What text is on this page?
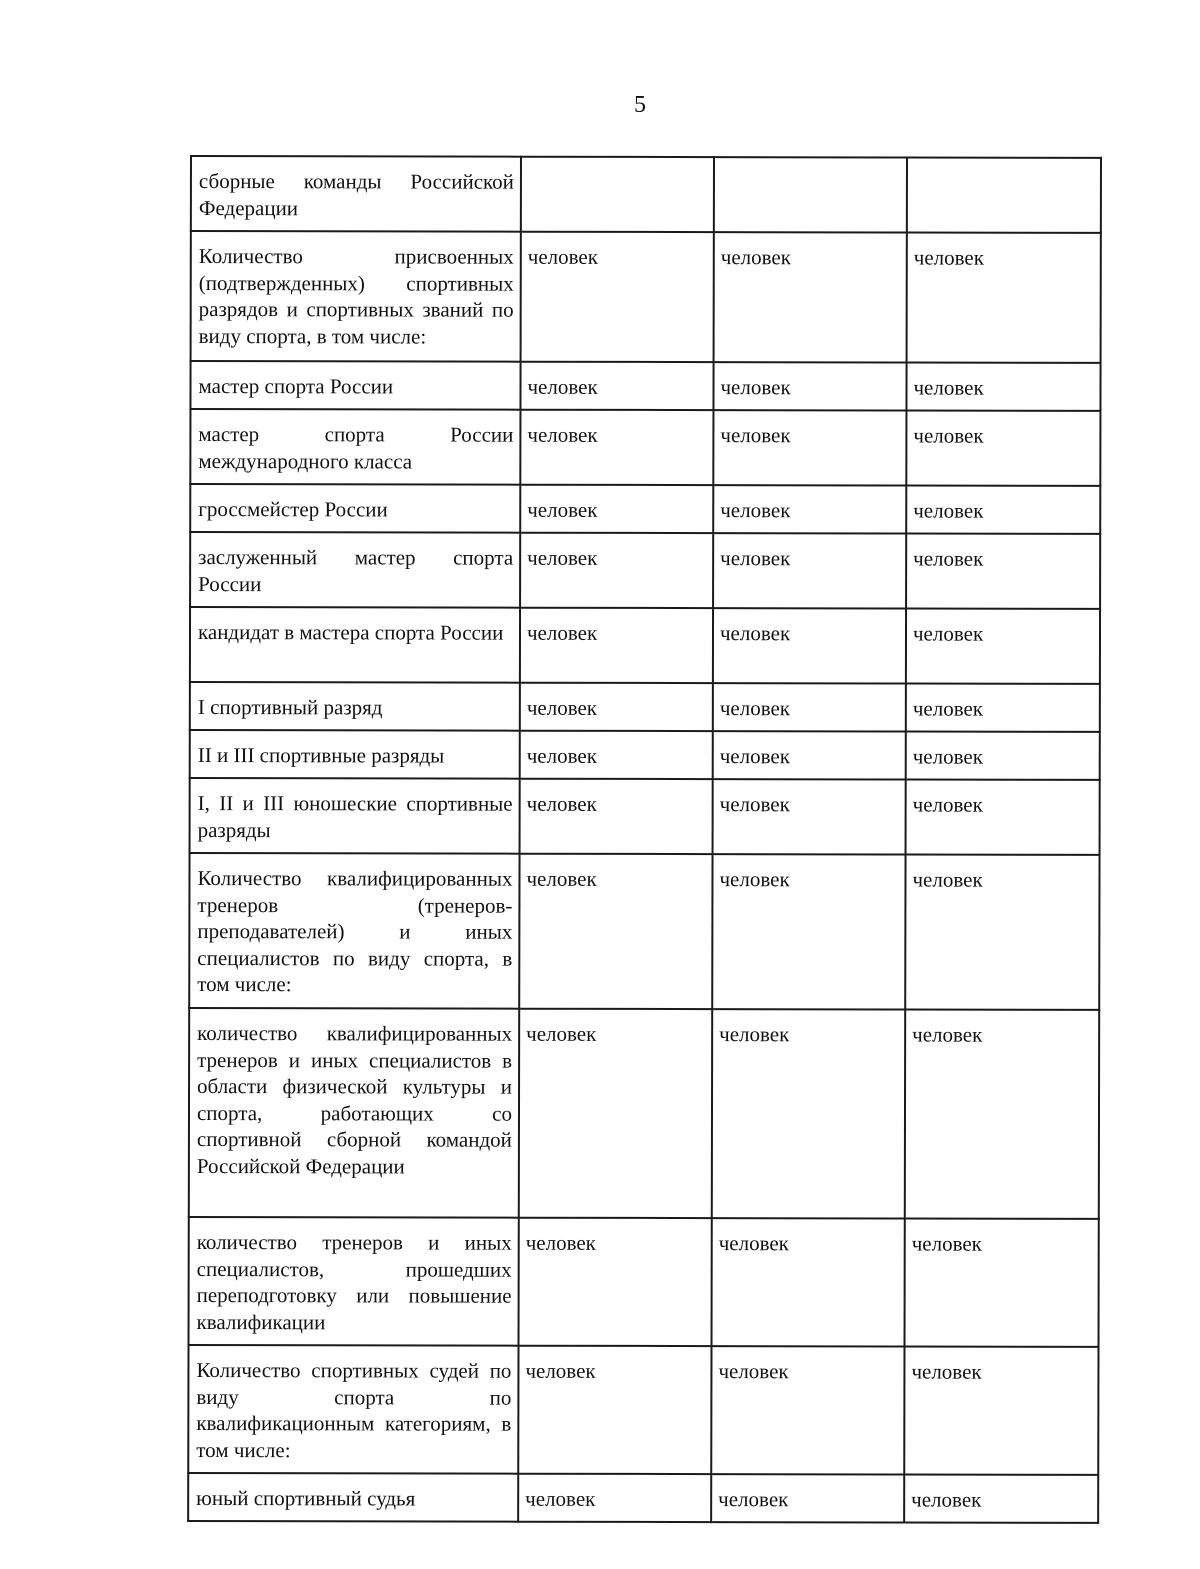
5
сборные команды Российской Федерации			
Количество присвоенных (подтвержденных) спортивных разрядов и спортивных званий по виду спорта, в том числе:	человек	человек	человек
мастер спорта России	человек	человек	человек
мастер спорта России международного класса	человек	человек	человек
гроссмейстер России	человек	человек	человек
заслуженный мастер спорта России	человек	человек	человек
кандидат в мастера спорта России	человек	человек	человек
I спортивный разряд	человек	человек	человек
II и III спортивные разряды	человек	человек	человек
I, II и III юношеские спортивные разряды	человек	человек	человек
Количество квалифицированных тренеров (тренеров-преподавателей) и иных специалистов по виду спорта, в том числе:	человек	человек	человек
количество квалифицированных тренеров и иных специалистов в области физической культуры и спорта, работающих со спортивной сборной командой Российской Федерации	человек	человек	человек
количество тренеров и иных специалистов, прошедших переподготовку или повышение квалификации	человек	человек	человек
Количество спортивных судей по виду спорта по квалификационным категориям, в том числе:	человек	человек	человек
юный спортивный судья	человек	человек	человек
